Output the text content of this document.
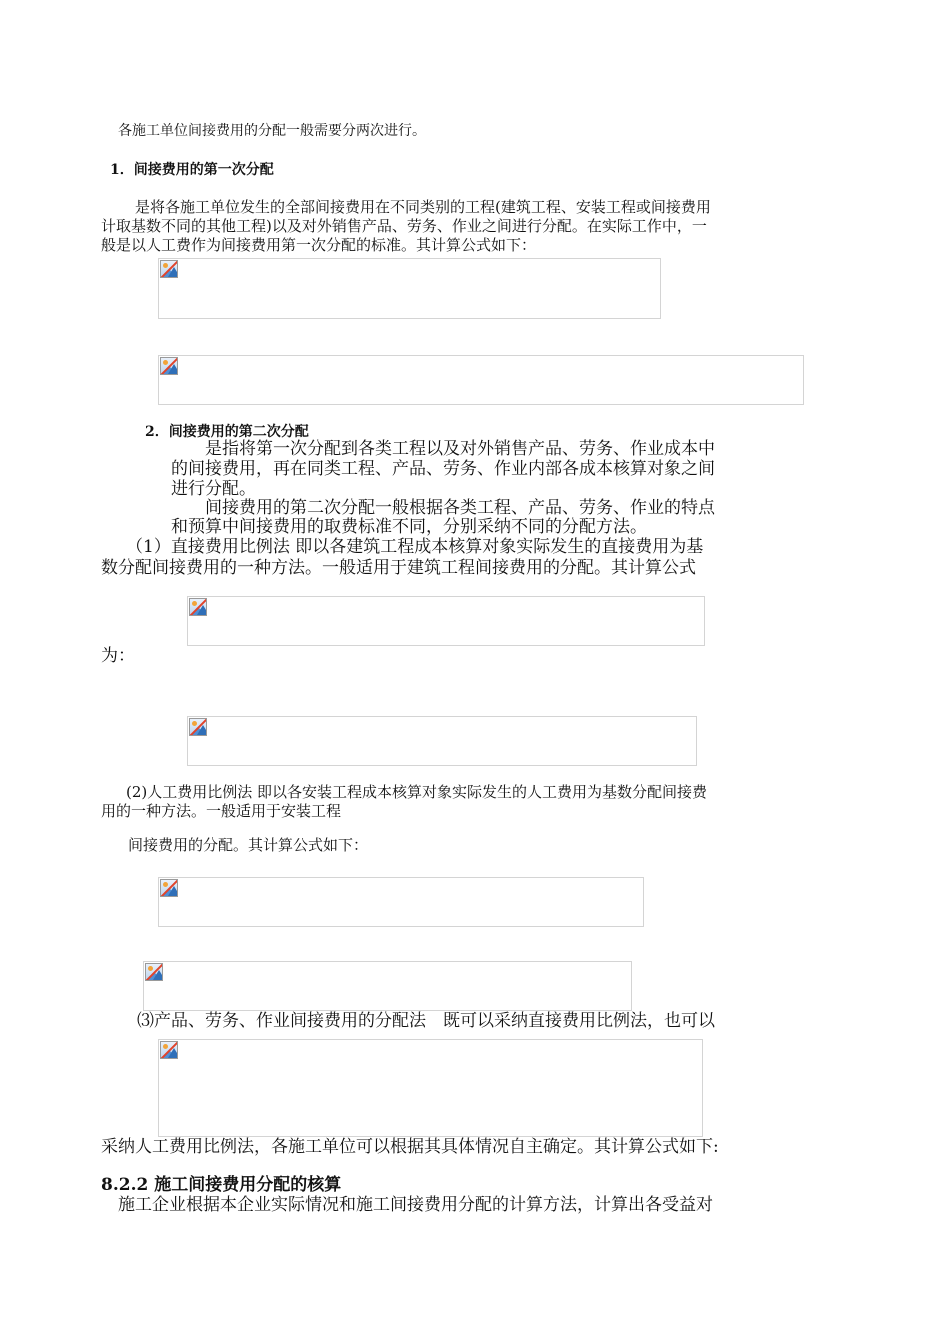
各施工单位间接费用的分配一般需要分两次进行。
1．间接费用的第一次分配
是将各施工单位发生的全部间接费用在不同类别的工程(建筑工程、安装工程或间接费用
计取基数不同的其他工程)以及对外销售产品、劳务、作业之间进行分配。在实际工作中，一
般是以人工费作为间接费用第一次分配的标准。其计算公式如下：
2．间接费用的第二次分配
是指将第一次分配到各类工程以及对外销售产品、劳务、作业成本中
的间接费用，再在同类工程、产品、劳务、作业内部各成本核算对象之间
进行分配。
间接费用的第二次分配一般根据各类工程、产品、劳务、作业的特点
和预算中间接费用的取费标准不同，分别采纳不同的分配方法。
（1）直接费用比例法 即以各建筑工程成本核算对象实际发生的直接费用为基
数分配间接费用的一种方法。一般适用于建筑工程间接费用的分配。其计算公式
为：
(2)人工费用比例法 即以各安装工程成本核算对象实际发生的人工费用为基数分配间接费
用的一种方法。一般适用于安装工程
间接费用的分配。其计算公式如下：
⑶产品、劳务、作业间接费用的分配法　既可以采纳直接费用比例法，也可以
采纳人工费用比例法，各施工单位可以根据其具体情况自主确定。其计算公式如下:
8.2.2 施工间接费用分配的核算
施工企业根据本企业实际情况和施工间接费用分配的计算方法，计算出各受益对
